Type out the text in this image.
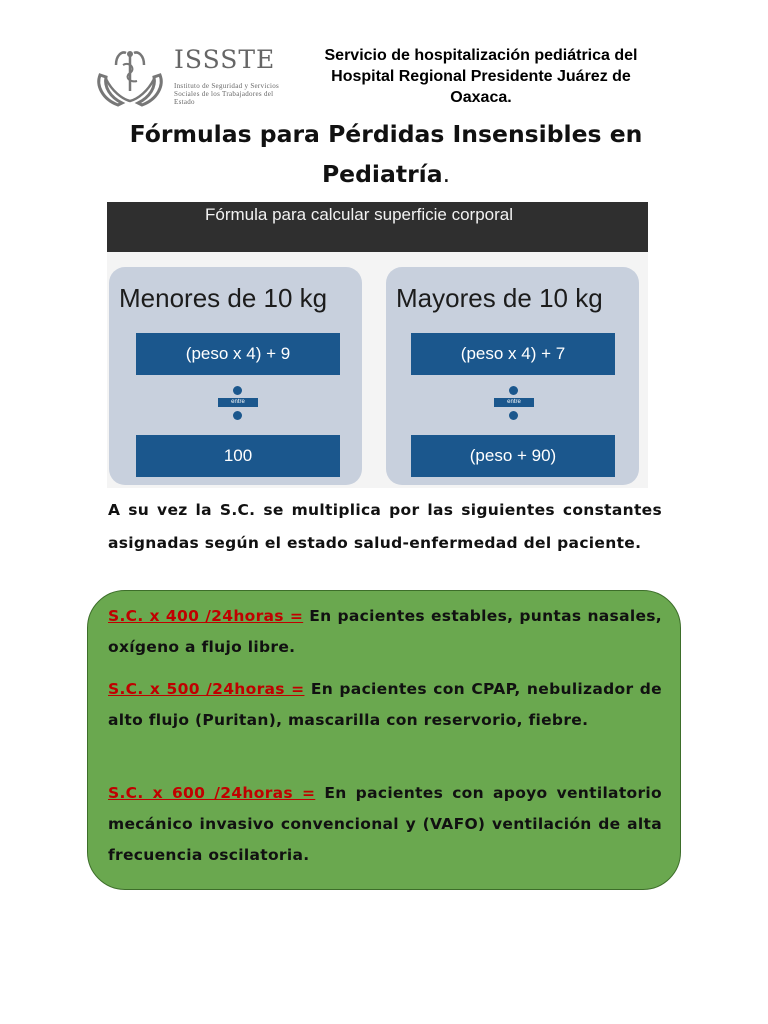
ISSSTE
Instituto de Seguridad y Servicios Sociales de los Trabajadores del Estado
Servicio de hospitalización pediátrica del Hospital Regional Presidente Juárez de Oaxaca.
Fórmulas para Pérdidas Insensibles en Pediatría.
Fórmula para calcular superficie corporal
Menores de 10 kg
(peso x 4) + 9
entre
100
Mayores de 10 kg
(peso x 4) + 7
entre
(peso + 90)
A su vez la S.C. se multiplica por las siguientes constantes asignadas según el estado salud-enfermedad del paciente.
S.C. x 400 /24horas = En pacientes estables, puntas nasales, oxígeno a flujo libre.
S.C. x 500 /24horas = En pacientes con CPAP, nebulizador de alto flujo (Puritan), mascarilla con reservorio, fiebre.
S.C. x 600 /24horas = En pacientes con apoyo ventilatorio mecánico invasivo convencional y (VAFO) ventilación de alta frecuencia oscilatoria.
